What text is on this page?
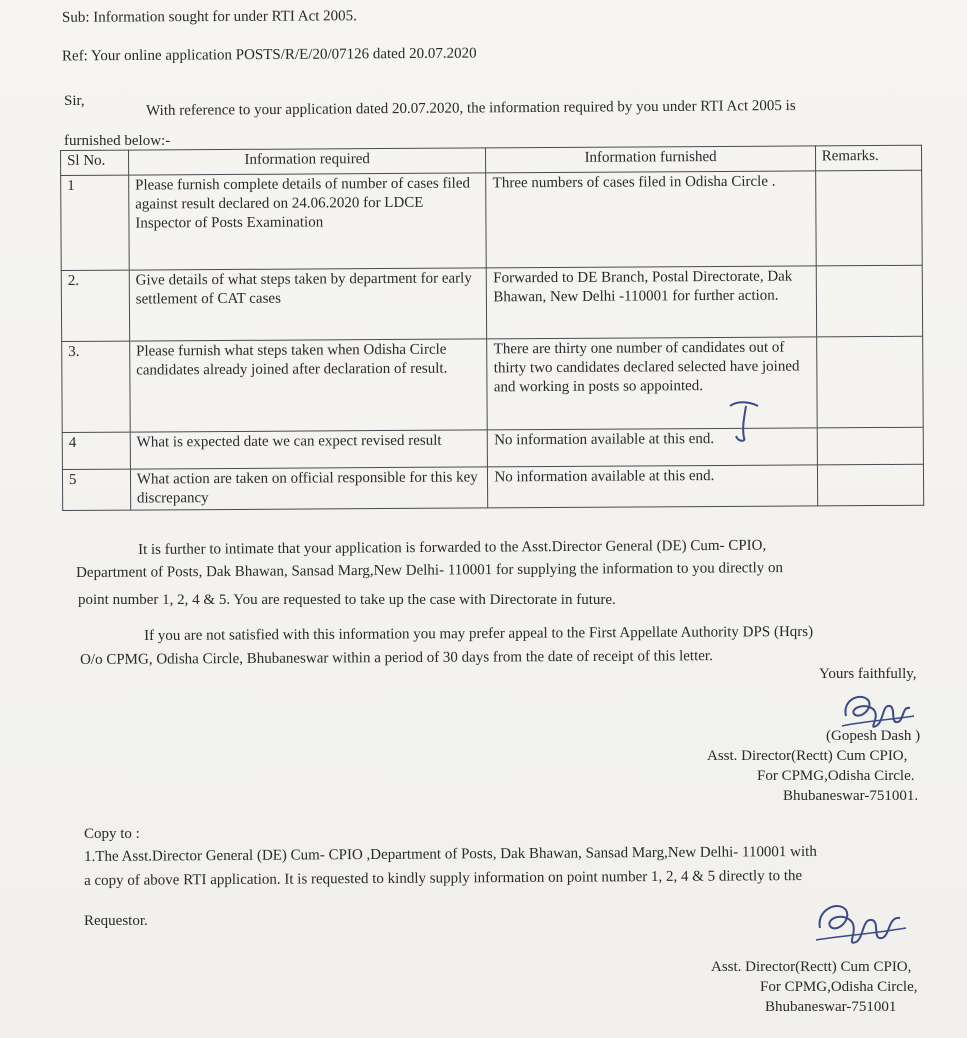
Sub: Information sought for under RTI Act 2005.
Ref: Your online application POSTS/R/E/20/07126 dated 20.07.2020
Sir,	With reference to your application dated 20.07.2020, the information required by you under RTI Act 2005 is
furnished below:-
Sl No.	Information required	Information furnished	Remarks.
1	Please furnish complete details of number of cases filed against result declared on 24.06.2020 for LDCE Inspector of Posts Examination	Three numbers of cases filed in Odisha Circle .	
2.	Give details of what steps taken by department for early settlement of CAT cases	Forwarded to DE Branch, Postal Directorate, Dak Bhawan, New Delhi -110001 for further action.	
3.	Please furnish what steps taken when Odisha Circle candidates already joined after declaration of result.	There are thirty one number of candidates out of thirty two candidates declared selected have joined and working in posts so appointed.	
4	What is expected date we can expect revised result	No information available at this end.	
5	What action are taken on official responsible for this key discrepancy	No information available at this end.	
It is further to intimate that your application is forwarded to the Asst.Director General (DE) Cum- CPIO,
Department of Posts, Dak Bhawan, Sansad Marg,New Delhi- 110001 for supplying the information to you directly on
point number 1, 2, 4 & 5. You are requested to take up the case with Directorate in future.
If you are not satisfied with this information you may prefer appeal to the First Appellate Authority DPS (Hqrs)
O/o CPMG, Odisha Circle, Bhubaneswar within a period of 30 days from the date of receipt of this letter.
Yours faithfully,
(Gopesh Dash )
Asst. Director(Rectt) Cum CPIO,
For CPMG,Odisha Circle.
Bhubaneswar-751001.
Copy to :
1.The Asst.Director General (DE) Cum- CPIO ,Department of Posts, Dak Bhawan, Sansad Marg,New Delhi- 110001 with
a copy of above RTI application. It is requested to kindly supply information on point number 1, 2, 4 & 5 directly to the
Requestor.
Asst. Director(Rectt) Cum CPIO,
For CPMG,Odisha Circle,
Bhubaneswar-751001
